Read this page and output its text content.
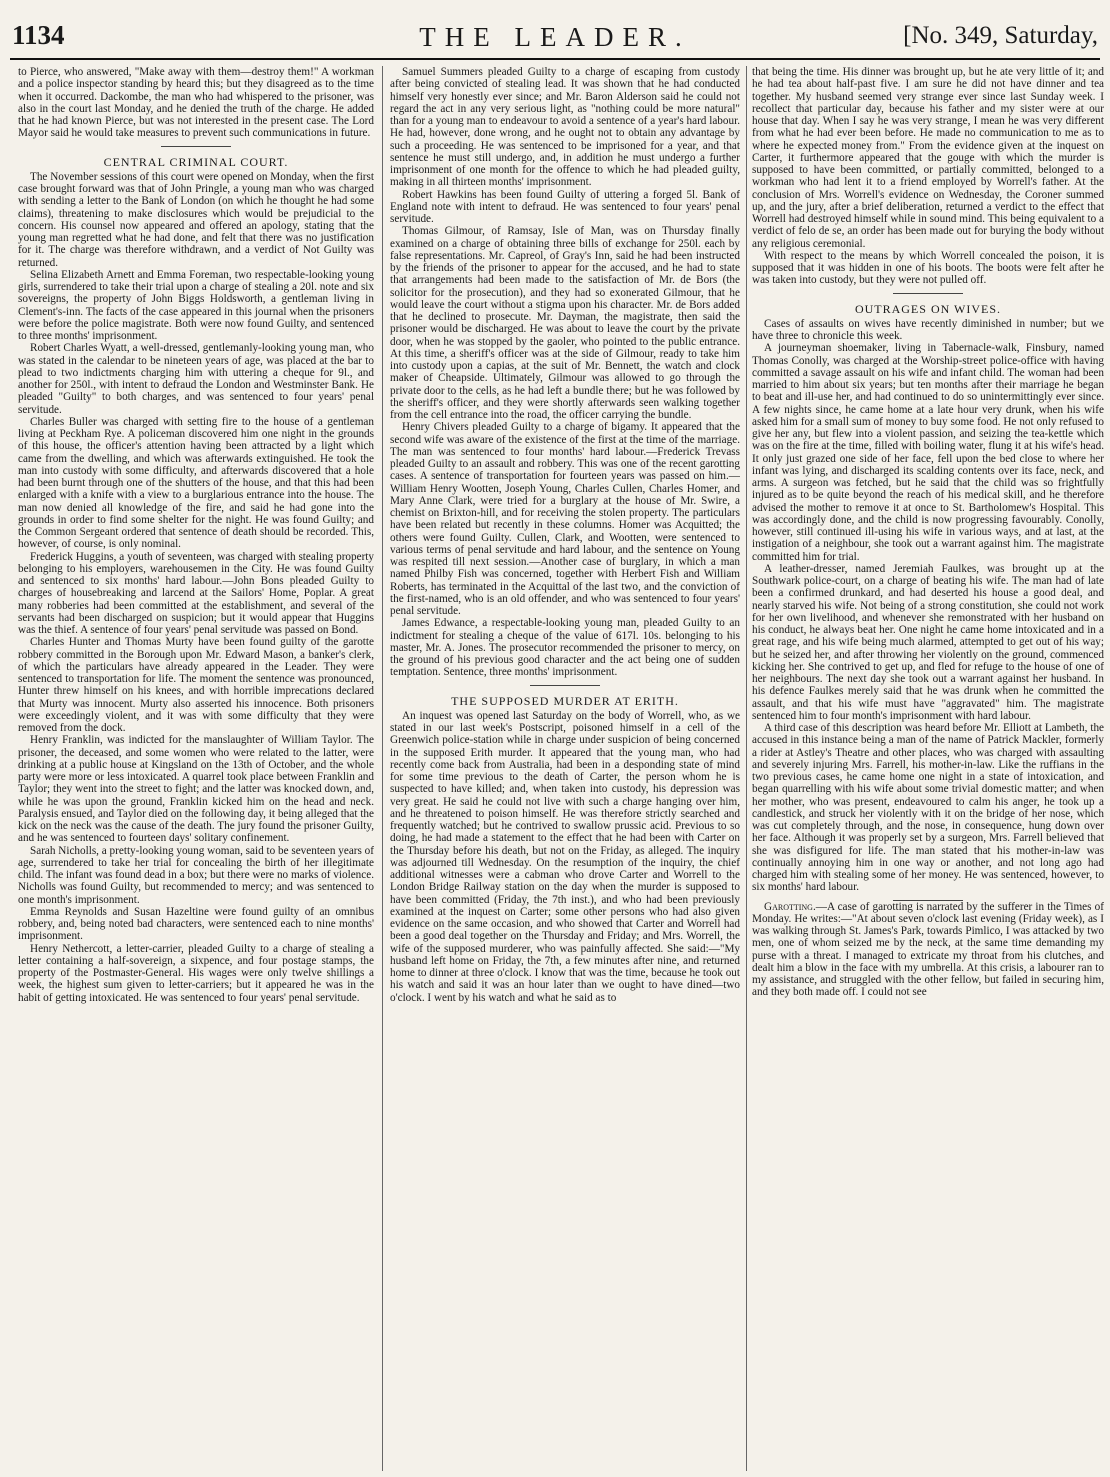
1134	THE LEADER.	[No. 349, Saturday,

to Pierce, who answered, "Make away with them—destroy them!" A workman and a police inspector standing by heard this; but they disagreed as to the time when it occurred. Dackombe, the man who had whispered to the prisoner, was also in the court last Monday, and he denied the truth of the charge. He added that he had known Pierce, but was not interested in the present case. The Lord Mayor said he would take measures to prevent such communications in future.

CENTRAL CRIMINAL COURT.

The November sessions of this court were opened on Monday, when the first case brought forward was that of John Pringle, a young man who was charged with sending a letter to the Bank of London (on which he thought he had some claims), threatening to make disclosures which would be prejudicial to the concern. His counsel now appeared and offered an apology, stating that the young man regretted what he had done, and felt that there was no justification for it. The charge was therefore withdrawn, and a verdict of Not Guilty was returned.

Selina Elizabeth Arnett and Emma Foreman, two respectable-looking young girls, surrendered to take their trial upon a charge of stealing a 20l. note and six sovereigns, the property of John Biggs Holdsworth, a gentleman living in Clement's-inn. The facts of the case appeared in this journal when the prisoners were before the police magistrate. Both were now found Guilty, and sentenced to three months' imprisonment.

Robert Charles Wyatt, a well-dressed, gentlemanly-looking young man, who was stated in the calendar to be nineteen years of age, was placed at the bar to plead to two indictments charging him with uttering a cheque for 9l., and another for 250l., with intent to defraud the London and Westminster Bank. He pleaded "Guilty" to both charges, and was sentenced to four years' penal servitude.

Charles Buller was charged with setting fire to the house of a gentleman living at Peckham Rye. A policeman discovered him one night in the grounds of this house, the officer's attention having been attracted by a light which came from the dwelling, and which was afterwards extinguished. He took the man into custody with some difficulty, and afterwards discovered that a hole had been burnt through one of the shutters of the house, and that this had been enlarged with a knife with a view to a burglarious entrance into the house. The man now denied all knowledge of the fire, and said he had gone into the grounds in order to find some shelter for the night. He was found Guilty; and the Common Sergeant ordered that sentence of death should be recorded. This, however, of course, is only nominal.

Frederick Huggins, a youth of seventeen, was charged with stealing property belonging to his employers, warehousemen in the City. He was found Guilty and sentenced to six months' hard labour.—John Bons pleaded Guilty to charges of housebreaking and larcend at the Sailors' Home, Poplar. A great many robberies had been committed at the establishment, and several of the servants had been discharged on suspicion; but it would appear that Huggins was the thief. A sentence of four years' penal servitude was passed on Bond.

Charles Hunter and Thomas Murty have been found guilty of the garotte robbery committed in the Borough upon Mr. Edward Mason, a banker's clerk, of which the particulars have already appeared in the Leader. They were sentenced to transportation for life. The moment the sentence was pronounced, Hunter threw himself on his knees, and with horrible imprecations declared that Murty was innocent. Murty also asserted his innocence. Both prisoners were exceedingly violent, and it was with some difficulty that they were removed from the dock.

Henry Franklin, was indicted for the manslaughter of William Taylor. The prisoner, the deceased, and some women who were related to the latter, were drinking at a public house at Kingsland on the 13th of October, and the whole party were more or less intoxicated. A quarrel took place between Franklin and Taylor; they went into the street to fight; and the latter was knocked down, and, while he was upon the ground, Franklin kicked him on the head and neck. Paralysis ensued, and Taylor died on the following day, it being alleged that the kick on the neck was the cause of the death. The jury found the prisoner Guilty, and he was sentenced to fourteen days' solitary confinement.

Sarah Nicholls, a pretty-looking young woman, said to be seventeen years of age, surrendered to take her trial for concealing the birth of her illegitimate child. The infant was found dead in a box; but there were no marks of violence. Nicholls was found Guilty, but recommended to mercy; and was sentenced to one month's imprisonment.

Emma Reynolds and Susan Hazeltine were found guilty of an omnibus robbery, and, being noted bad characters, were sentenced each to nine months' imprisonment.

Henry Nethercott, a letter-carrier, pleaded Guilty to a charge of stealing a letter containing a half-sovereign, a sixpence, and four postage stamps, the property of the Postmaster-General. His wages were only twelve shillings a week, the highest sum given to letter-carriers; but it appeared he was in the habit of getting intoxicated. He was sentenced to four years' penal servitude.

Samuel Summers pleaded Guilty to a charge of escaping from custody after being convicted of stealing lead. It was shown that he had conducted himself very honestly ever since; and Mr. Baron Alderson said he could not regard the act in any very serious light, as "nothing could be more natural" than for a young man to endeavour to avoid a sentence of a year's hard labour. He had, however, done wrong, and he ought not to obtain any advantage by such a proceeding. He was sentenced to be imprisoned for a year, and that sentence he must still undergo, and, in addition he must undergo a further imprisonment of one month for the offence to which he had pleaded guilty, making in all thirteen months' imprisonment.

Robert Hawkins has been found Guilty of uttering a forged 5l. Bank of England note with intent to defraud. He was sentenced to four years' penal servitude.

Thomas Gilmour, of Ramsay, Isle of Man, was on Thursday finally examined on a charge of obtaining three bills of exchange for 250l. each by false representations. Mr. Capreol, of Gray's Inn, said he had been instructed by the friends of the prisoner to appear for the accused, and he had to state that arrangements had been made to the satisfaction of Mr. de Bors (the solicitor for the prosecution), and they had so exonerated Gilmour, that he would leave the court without a stigma upon his character. Mr. de Bors added that he declined to prosecute. Mr. Dayman, the magistrate, then said the prisoner would be discharged. He was about to leave the court by the private door, when he was stopped by the gaoler, who pointed to the public entrance. At this time, a sheriff's officer was at the side of Gilmour, ready to take him into custody upon a capias, at the suit of Mr. Bennett, the watch and clock maker of Cheapside. Ultimately, Gilmour was allowed to go through the private door to the cells, as he had left a bundle there; but he was followed by the sheriff's officer, and they were shortly afterwards seen walking together from the cell entrance into the road, the officer carrying the bundle.

Henry Chivers pleaded Guilty to a charge of bigamy. It appeared that the second wife was aware of the existence of the first at the time of the marriage. The man was sentenced to four months' hard labour.—Frederick Trevass pleaded Guilty to an assault and robbery. This was one of the recent garotting cases. A sentence of transportation for fourteen years was passed on him.—William Henry Wootten, Joseph Young, Charles Cullen, Charles Homer, and Mary Anne Clark, were tried for a burglary at the house of Mr. Swire, a chemist on Brixton-hill, and for receiving the stolen property. The particulars have been related but recently in these columns. Homer was Acquitted; the others were found Guilty. Cullen, Clark, and Wootten, were sentenced to various terms of penal servitude and hard labour, and the sentence on Young was respited till next session.—Another case of burglary, in which a man named Philby Fish was concerned, together with Herbert Fish and William Roberts, has terminated in the Acquittal of the last two, and the conviction of the first-named, who is an old offender, and who was sentenced to four years' penal servitude.

James Edwance, a respectable-looking young man, pleaded Guilty to an indictment for stealing a cheque of the value of 617l. 10s. belonging to his master, Mr. A. Jones. The prosecutor recommended the prisoner to mercy, on the ground of his previous good character and the act being one of sudden temptation. Sentence, three months' imprisonment.

THE SUPPOSED MURDER AT ERITH.

An inquest was opened last Saturday on the body of Worrell, who, as we stated in our last week's Postscript, poisoned himself in a cell of the Greenwich police-station while in charge under suspicion of being concerned in the supposed Erith murder. It appeared that the young man, who had recently come back from Australia, had been in a desponding state of mind for some time previous to the death of Carter, the person whom he is suspected to have killed; and, when taken into custody, his depression was very great. He said he could not live with such a charge hanging over him, and he threatened to poison himself. He was therefore strictly searched and frequently watched; but he contrived to swallow prussic acid. Previous to so doing, he had made a statement to the effect that he had been with Carter on the Thursday before his death, but not on the Friday, as alleged. The inquiry was adjourned till Wednesday. On the resumption of the inquiry, the chief additional witnesses were a cabman who drove Carter and Worrell to the London Bridge Railway station on the day when the murder is supposed to have been committed (Friday, the 7th inst.), and who had been previously examined at the inquest on Carter; some other persons who had also given evidence on the same occasion, and who showed that Carter and Worrell had been a good deal together on the Thursday and Friday; and Mrs. Worrell, the wife of the supposed murderer, who was painfully affected. She said:—"My husband left home on Friday, the 7th, a few minutes after nine, and returned home to dinner at three o'clock. I know that was the time, because he took out his watch and said it was an hour later than we ought to have dined—two o'clock. I went by his watch and what he said as to

that being the time. His dinner was brought up, but he ate very little of it; and he had tea about half-past five. I am sure he did not have dinner and tea together. My husband seemed very strange ever since last Sunday week. I recollect that particular day, because his father and my sister were at our house that day. When I say he was very strange, I mean he was very different from what he had ever been before. He made no communication to me as to where he expected money from." From the evidence given at the inquest on Carter, it furthermore appeared that the gouge with which the murder is supposed to have been committed, or partially committed, belonged to a workman who had lent it to a friend employed by Worrell's father. At the conclusion of Mrs. Worrell's evidence on Wednesday, the Coroner summed up, and the jury, after a brief deliberation, returned a verdict to the effect that Worrell had destroyed himself while in sound mind. This being equivalent to a verdict of felo de se, an order has been made out for burying the body without any religious ceremonial.

With respect to the means by which Worrell concealed the poison, it is supposed that it was hidden in one of his boots. The boots were felt after he was taken into custody, but they were not pulled off.

OUTRAGES ON WIVES.

Cases of assaults on wives have recently diminished in number; but we have three to chronicle this week.

A journeyman shoemaker, living in Tabernacle-walk, Finsbury, named Thomas Conolly, was charged at the Worship-street police-office with having committed a savage assault on his wife and infant child. The woman had been married to him about six years; but ten months after their marriage he began to beat and ill-use her, and had continued to do so unintermittingly ever since. A few nights since, he came home at a late hour very drunk, when his wife asked him for a small sum of money to buy some food. He not only refused to give her any, but flew into a violent passion, and seizing the tea-kettle which was on the fire at the time, filled with boiling water, flung it at his wife's head. It only just grazed one side of her face, fell upon the bed close to where her infant was lying, and discharged its scalding contents over its face, neck, and arms. A surgeon was fetched, but he said that the child was so frightfully injured as to be quite beyond the reach of his medical skill, and he therefore advised the mother to remove it at once to St. Bartholomew's Hospital. This was accordingly done, and the child is now progressing favourably. Conolly, however, still continued ill-using his wife in various ways, and at last, at the instigation of a neighbour, she took out a warrant against him. The magistrate committed him for trial.

A leather-dresser, named Jeremiah Faulkes, was brought up at the Southwark police-court, on a charge of beating his wife. The man had of late been a confirmed drunkard, and had deserted his house a good deal, and nearly starved his wife. Not being of a strong constitution, she could not work for her own livelihood, and whenever she remonstrated with her husband on his conduct, he always beat her. One night he came home intoxicated and in a great rage, and his wife being much alarmed, attempted to get out of his way; but he seized her, and after throwing her violently on the ground, commenced kicking her. She contrived to get up, and fled for refuge to the house of one of her neighbours. The next day she took out a warrant against her husband. In his defence Faulkes merely said that he was drunk when he committed the assault, and that his wife must have "aggravated" him. The magistrate sentenced him to four month's imprisonment with hard labour.

A third case of this description was heard before Mr. Elliott at Lambeth, the accused in this instance being a man of the name of Patrick Mackler, formerly a rider at Astley's Theatre and other places, who was charged with assaulting and severely injuring Mrs. Farrell, his mother-in-law. Like the ruffians in the two previous cases, he came home one night in a state of intoxication, and began quarrelling with his wife about some trivial domestic matter; and when her mother, who was present, endeavoured to calm his anger, he took up a candlestick, and struck her violently with it on the bridge of her nose, which was cut completely through, and the nose, in consequence, hung down over her face. Although it was properly set by a surgeon, Mrs. Farrell believed that she was disfigured for life. The man stated that his mother-in-law was continually annoying him in one way or another, and not long ago had charged him with stealing some of her money. He was sentenced, however, to six months' hard labour.

Garotting.—A case of garotting is narrated by the sufferer in the Times of Monday. He writes:—"At about seven o'clock last evening (Friday week), as I was walking through St. James's Park, towards Pimlico, I was attacked by two men, one of whom seized me by the neck, at the same time demanding my purse with a threat. I managed to extricate my throat from his clutches, and dealt him a blow in the face with my umbrella. At this crisis, a labourer ran to my assistance, and struggled with the other fellow, but failed in securing him, and they both made off. I could not see
